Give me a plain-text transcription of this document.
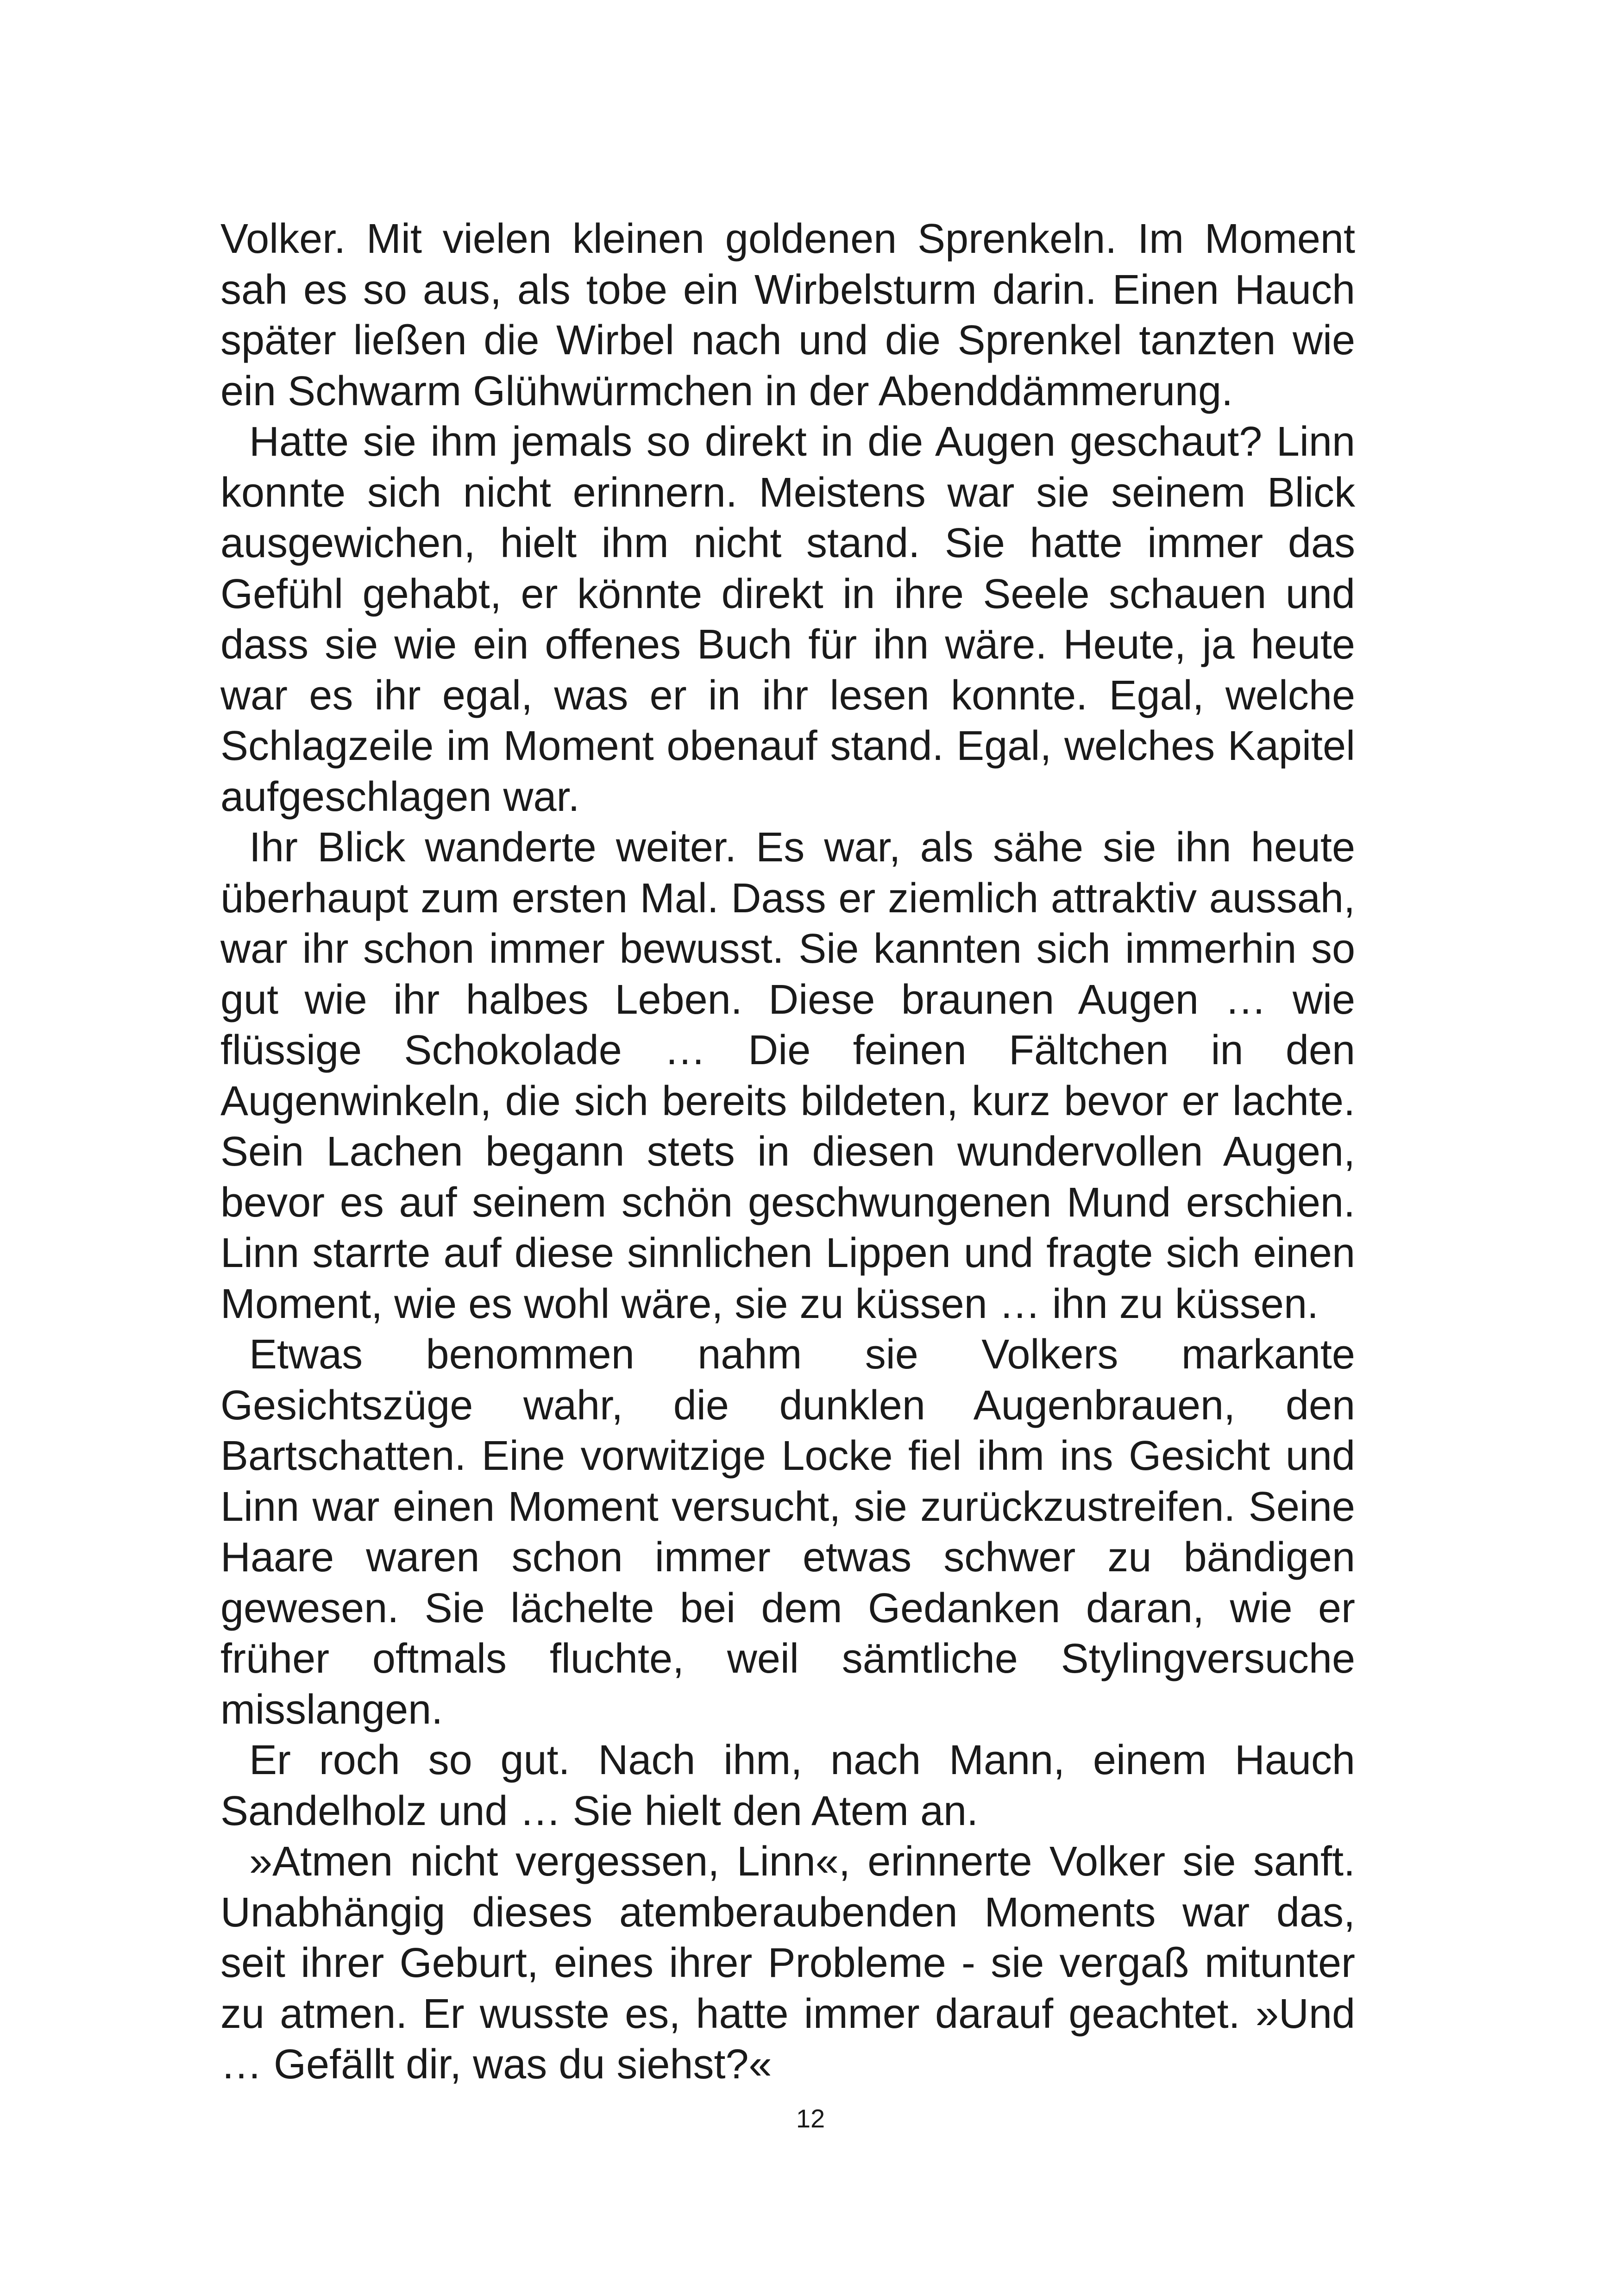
Volker. Mit vielen kleinen goldenen Sprenkeln. Im Moment sah es so aus, als tobe ein Wirbelsturm darin. Einen Hauch später ließen die Wirbel nach und die Sprenkel tanzten wie ein Schwarm Glühwürmchen in der Abenddämmerung.

Hatte sie ihm jemals so direkt in die Augen geschaut? Linn konnte sich nicht erinnern. Meistens war sie seinem Blick ausgewichen, hielt ihm nicht stand. Sie hatte immer das Gefühl gehabt, er könnte direkt in ihre Seele schauen und dass sie wie ein offenes Buch für ihn wäre. Heute, ja heute war es ihr egal, was er in ihr lesen konnte. Egal, welche Schlagzeile im Moment obenauf stand. Egal, welches Kapitel aufgeschlagen war.

Ihr Blick wanderte weiter. Es war, als sähe sie ihn heute überhaupt zum ersten Mal. Dass er ziemlich attraktiv aussah, war ihr schon immer bewusst. Sie kannten sich immerhin so gut wie ihr halbes Leben. Diese braunen Augen … wie flüssige Schokolade … Die feinen Fältchen in den Augenwinkeln, die sich bereits bildeten, kurz bevor er lachte. Sein Lachen begann stets in diesen wundervollen Augen, bevor es auf seinem schön geschwungenen Mund erschien. Linn starrte auf diese sinnlichen Lippen und fragte sich einen Moment, wie es wohl wäre, sie zu küssen … ihn zu küssen.

Etwas benommen nahm sie Volkers markante Gesichtszüge wahr, die dunklen Augenbrauen, den Bartschatten. Eine vorwitzige Locke fiel ihm ins Gesicht und Linn war einen Moment versucht, sie zurückzustreifen. Seine Haare waren schon immer etwas schwer zu bändigen gewesen. Sie lächelte bei dem Gedanken daran, wie er früher oftmals fluchte, weil sämtliche Stylingversuche misslangen.

Er roch so gut. Nach ihm, nach Mann, einem Hauch Sandelholz und … Sie hielt den Atem an.

»Atmen nicht vergessen, Linn«, erinnerte Volker sie sanft. Unabhängig dieses atemberaubenden Moments war das, seit ihrer Geburt, eines ihrer Probleme - sie vergaß mitunter zu atmen. Er wusste es, hatte immer darauf geachtet. »Und … Gefällt dir, was du siehst?«

12
